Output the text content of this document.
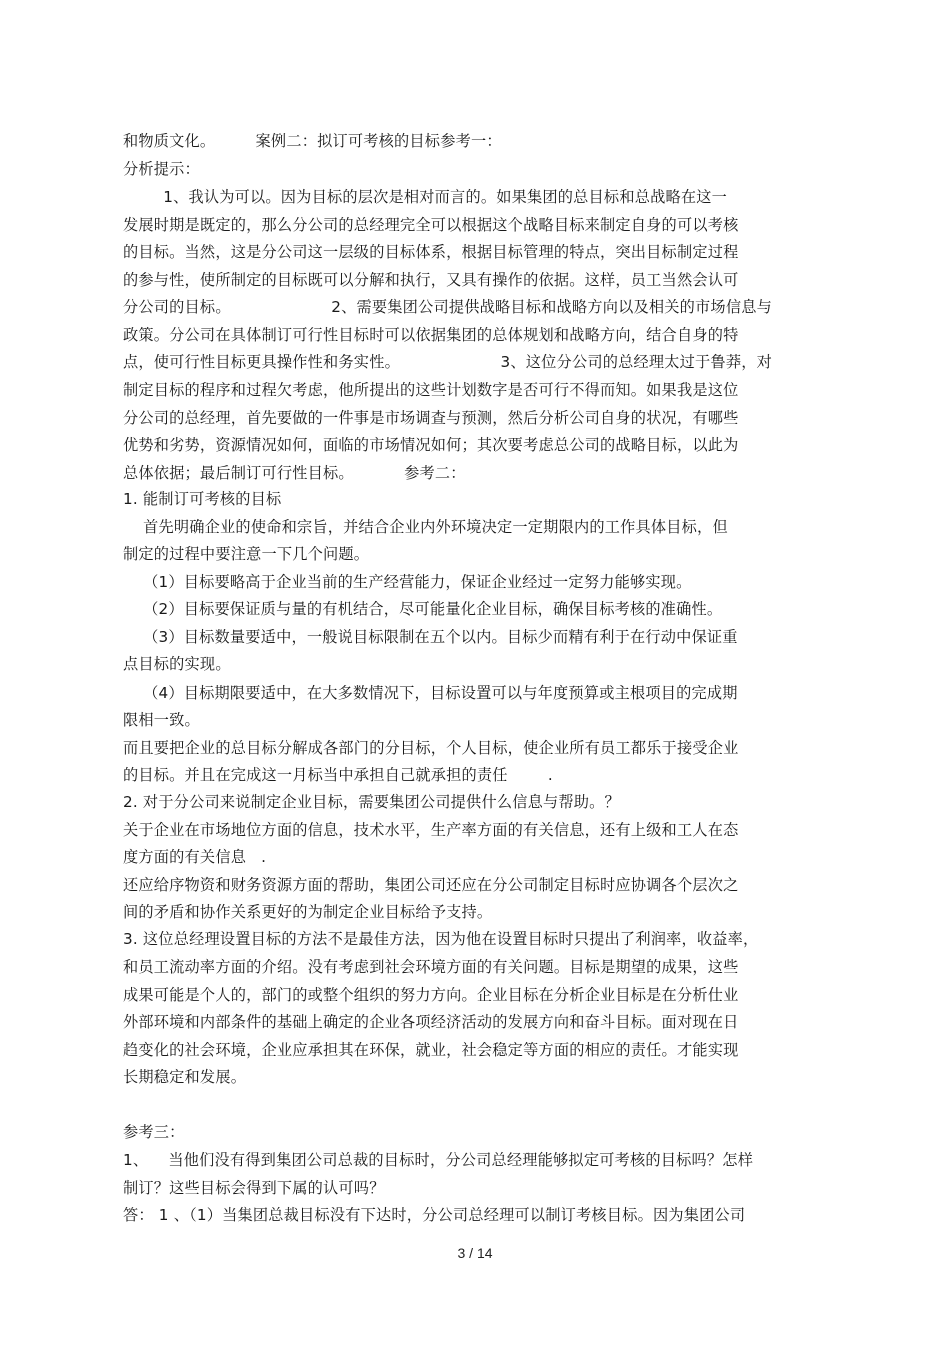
和物质文化。        案例二：拟订可考核的目标参考一：
分析提示：
1、我认为可以。因为目标的层次是相对而言的。如果集团的总目标和总战略在这一
发展时期是既定的，那么分公司的总经理完全可以根据这个战略目标来制定自身的可以考核
的目标。当然，这是分公司这一层级的目标体系，根据目标管理的特点，突出目标制定过程
的参与性，使所制定的目标既可以分解和执行，又具有操作的依据。这样，员工当然会认可
分公司的目标。                    2、需要集团公司提供战略目标和战略方向以及相关的市场信息与
政策。分公司在具体制订可行性目标时可以依据集团的总体规划和战略方向，结合自身的特
点，使可行性目标更具操作性和务实性。                    3、这位分公司的总经理太过于鲁莽，对
制定目标的程序和过程欠考虑，他所提出的这些计划数字是否可行不得而知。如果我是这位
分公司的总经理，首先要做的一件事是市场调查与预测，然后分析公司自身的状况，有哪些
优势和劣势，资源情况如何，面临的市场情况如何；其次要考虑总公司的战略目标，以此为
总体依据；最后制订可行性目标。          参考二：
1. 能制订可考核的目标
首先明确企业的使命和宗旨，并结合企业内外环境决定一定期限内的工作具体目标，但
制定的过程中要注意一下几个问题。
（1）目标要略高于企业当前的生产经营能力，保证企业经过一定努力能够实现。
（2）目标要保证质与量的有机结合，尽可能量化企业目标，确保目标考核的准确性。
（3）目标数量要适中，一般说目标限制在五个以内。目标少而精有利于在行动中保证重
点目标的实现。
（4）目标期限要适中，在大多数情况下，目标设置可以与年度预算或主根项目的完成期
限相一致。
而且要把企业的总目标分解成各部门的分目标，个人目标，使企业所有员工都乐于接受企业
的目标。并且在完成这一月标当中承担自己就承担的责任        .
2. 对于分公司来说制定企业目标，需要集团公司提供什么信息与帮助。？
关于企业在市场地位方面的信息，技术水平，生产率方面的有关信息，还有上级和工人在态
度方面的有关信息   .
还应给序物资和财务资源方面的帮助，集团公司还应在分公司制定目标时应协调各个层次之
间的矛盾和协作关系更好的为制定企业目标给予支持。
3. 这位总经理设置目标的方法不是最佳方法，因为他在设置目标时只提出了利润率，收益率，
和员工流动率方面的介绍。没有考虑到社会环境方面的有关问题。目标是期望的成果，这些
成果可能是个人的，部门的或整个组织的努力方向。企业目标在分析企业目标是在分析仕业
外部环境和内部条件的基础上确定的企业各项经济活动的发展方向和奋斗目标。面对现在日
趋变化的社会环境，企业应承担其在环保，就业，社会稳定等方面的相应的责任。才能实现
长期稳定和发展。
参考三：
1、    当他们没有得到集团公司总裁的目标时，分公司总经理能够拟定可考核的目标吗？怎样
制订？这些目标会得到下属的认可吗？
答： 1 、（1）当集团总裁目标没有下达时，分公司总经理可以制订考核目标。因为集团公司
3 / 14
